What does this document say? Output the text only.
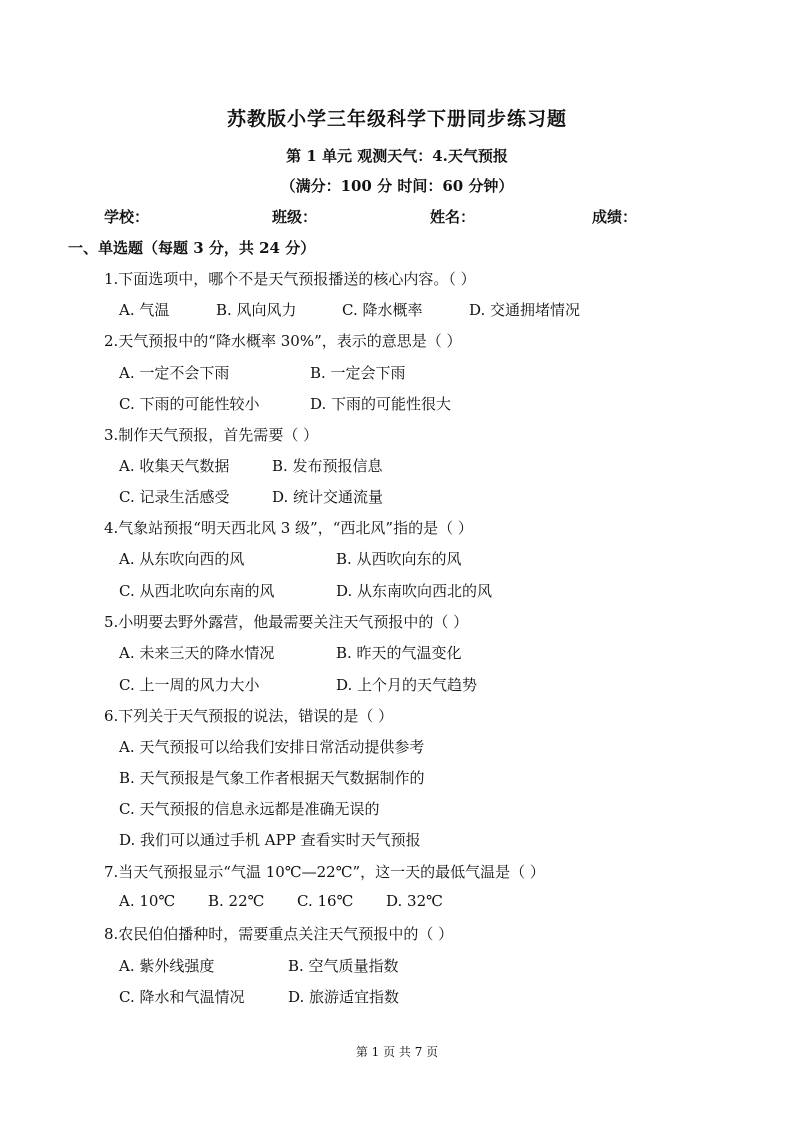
苏教版小学三年级科学下册同步练习题
第 1 单元 观测天气：4.天气预报
（满分：100 分 时间：60 分钟）
学校：	班级：	姓名：	成绩：
一、单选题（每题 3 分，共 24 分）
1.下面选项中，哪个不是天气预报播送的核心内容。（ ）
A. 气温	B. 风向风力	C. 降水概率	D. 交通拥堵情况
2.天气预报中的“降水概率 30%”，表示的意思是（ ）
A. 一定不会下雨	B. 一定会下雨
C. 下雨的可能性较小	D. 下雨的可能性很大
3.制作天气预报，首先需要（ ）
A. 收集天气数据	B. 发布预报信息
C. 记录生活感受	D. 统计交通流量
4.气象站预报“明天西北风 3 级”，“西北风”指的是（ ）
A. 从东吹向西的风	B. 从西吹向东的风
C. 从西北吹向东南的风	D. 从东南吹向西北的风
5.小明要去野外露营，他最需要关注天气预报中的（ ）
A. 未来三天的降水情况	B. 昨天的气温变化
C. 上一周的风力大小	D. 上个月的天气趋势
6.下列关于天气预报的说法，错误的是（ ）
A. 天气预报可以给我们安排日常活动提供参考
B. 天气预报是气象工作者根据天气数据制作的
C. 天气预报的信息永远都是准确无误的
D. 我们可以通过手机 APP 查看实时天气预报
7.当天气预报显示“气温 10℃—22℃”，这一天的最低气温是（ ）
A. 10℃ B. 22℃ C. 16℃ D. 32℃
8.农民伯伯播种时，需要重点关注天气预报中的（ ）
A. 紫外线强度	B. 空气质量指数
C. 降水和气温情况	D. 旅游适宜指数
第 1 页 共 7 页
